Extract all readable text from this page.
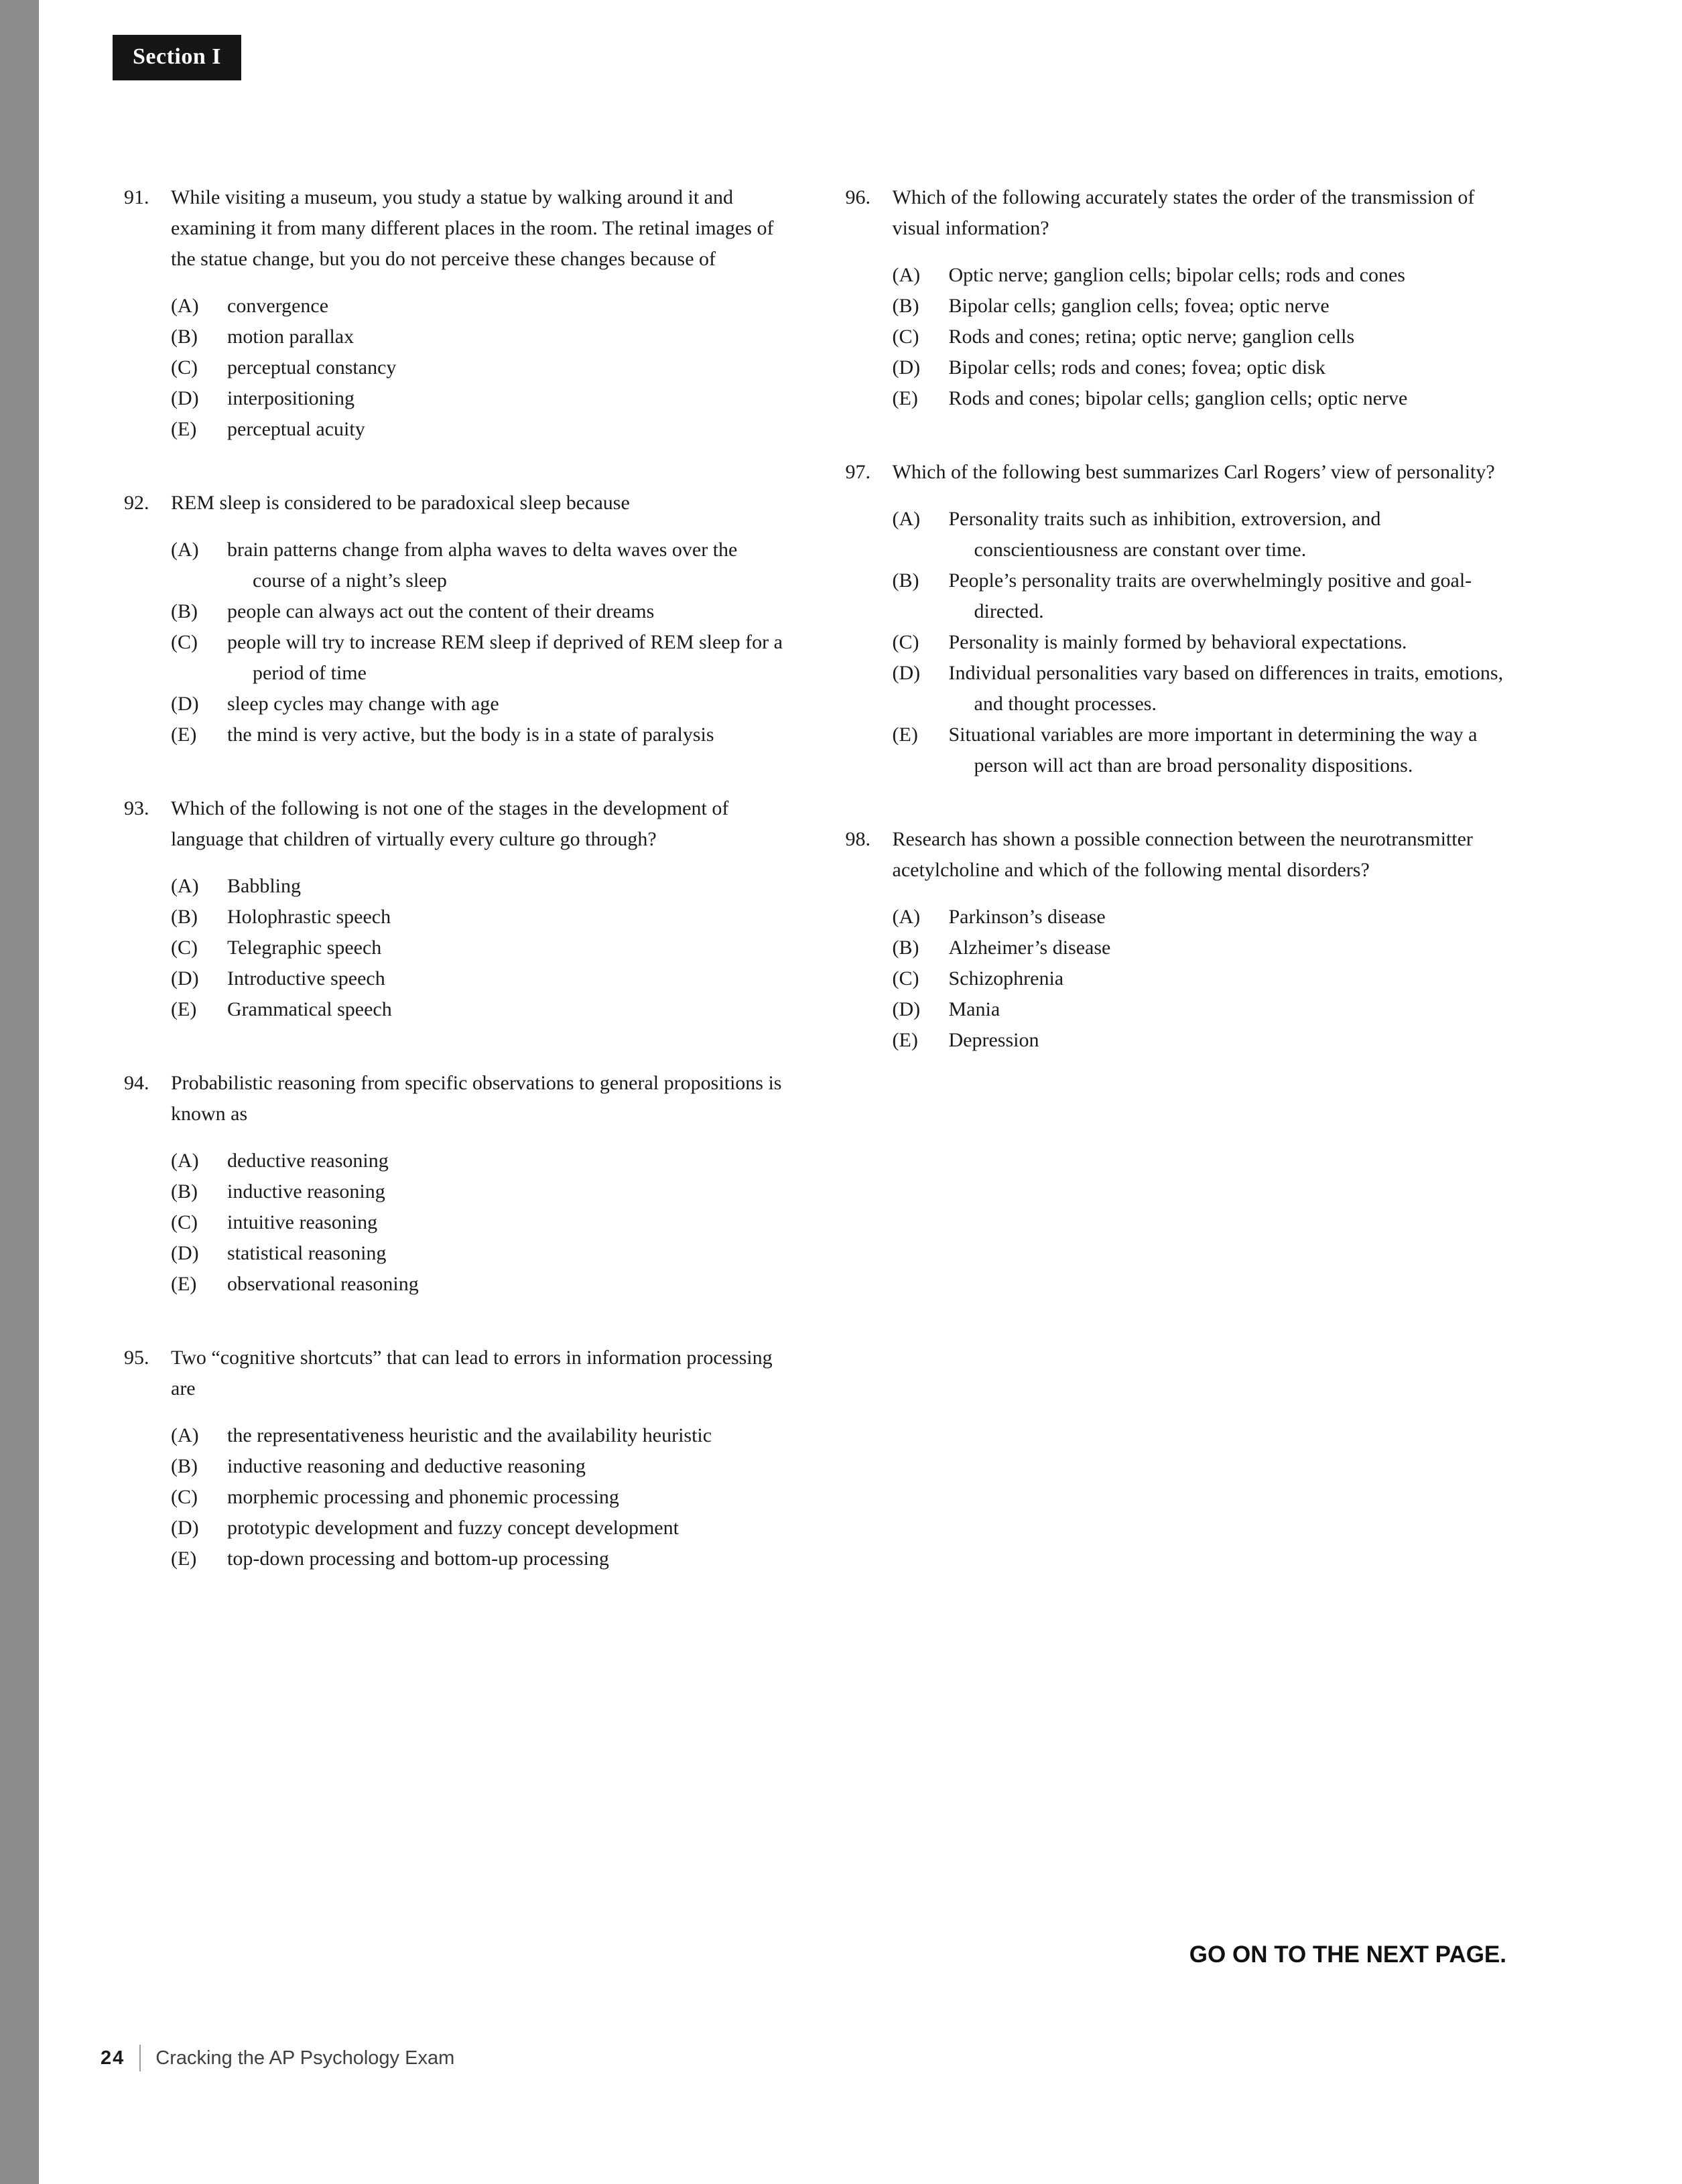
Section I
91.	While visiting a museum, you study a statue by walking around it and examining it from many different places in the room. The retinal images of the statue change, but you do not perceive these changes because of
(A)	convergence
(B)	motion parallax
(C)	perceptual constancy
(D)	interpositioning
(E)	perceptual acuity
92.	REM sleep is considered to be paradoxical sleep because
(A)	brain patterns change from alpha waves to delta waves over the course of a night’s sleep
(B)	people can always act out the content of their dreams
(C)	people will try to increase REM sleep if deprived of REM sleep for a period of time
(D)	sleep cycles may change with age
(E)	the mind is very active, but the body is in a state of paralysis
93.	Which of the following is not one of the stages in the development of language that children of virtually every culture go through?
(A)	Babbling
(B)	Holophrastic speech
(C)	Telegraphic speech
(D)	Introductive speech
(E)	Grammatical speech
94.	Probabilistic reasoning from specific observations to general propositions is known as
(A)	deductive reasoning
(B)	inductive reasoning
(C)	intuitive reasoning
(D)	statistical reasoning
(E)	observational reasoning
95.	Two “cognitive shortcuts” that can lead to errors in information processing are
(A)	the representativeness heuristic and the availability heuristic
(B)	inductive reasoning and deductive reasoning
(C)	morphemic processing and phonemic processing
(D)	prototypic development and fuzzy concept development
(E)	top-down processing and bottom-up processing
96.	Which of the following accurately states the order of the transmission of visual information?
(A)	Optic nerve; ganglion cells; bipolar cells; rods and cones
(B)	Bipolar cells; ganglion cells; fovea; optic nerve
(C)	Rods and cones; retina; optic nerve; ganglion cells
(D)	Bipolar cells; rods and cones; fovea; optic disk
(E)	Rods and cones; bipolar cells; ganglion cells; optic nerve
97.	Which of the following best summarizes Carl Rogers’ view of personality?
(A)	Personality traits such as inhibition, extroversion, and conscientiousness are constant over time.
(B)	People’s personality traits are overwhelmingly positive and goal-directed.
(C)	Personality is mainly formed by behavioral expectations.
(D)	Individual personalities vary based on differences in traits, emotions, and thought processes.
(E)	Situational variables are more important in determining the way a person will act than are broad personality dispositions.
98.	Research has shown a possible connection between the neurotransmitter acetylcholine and which of the following mental disorders?
(A)	Parkinson’s disease
(B)	Alzheimer’s disease
(C)	Schizophrenia
(D)	Mania
(E)	Depression
GO ON TO THE NEXT PAGE.
24 Cracking the AP Psychology Exam
